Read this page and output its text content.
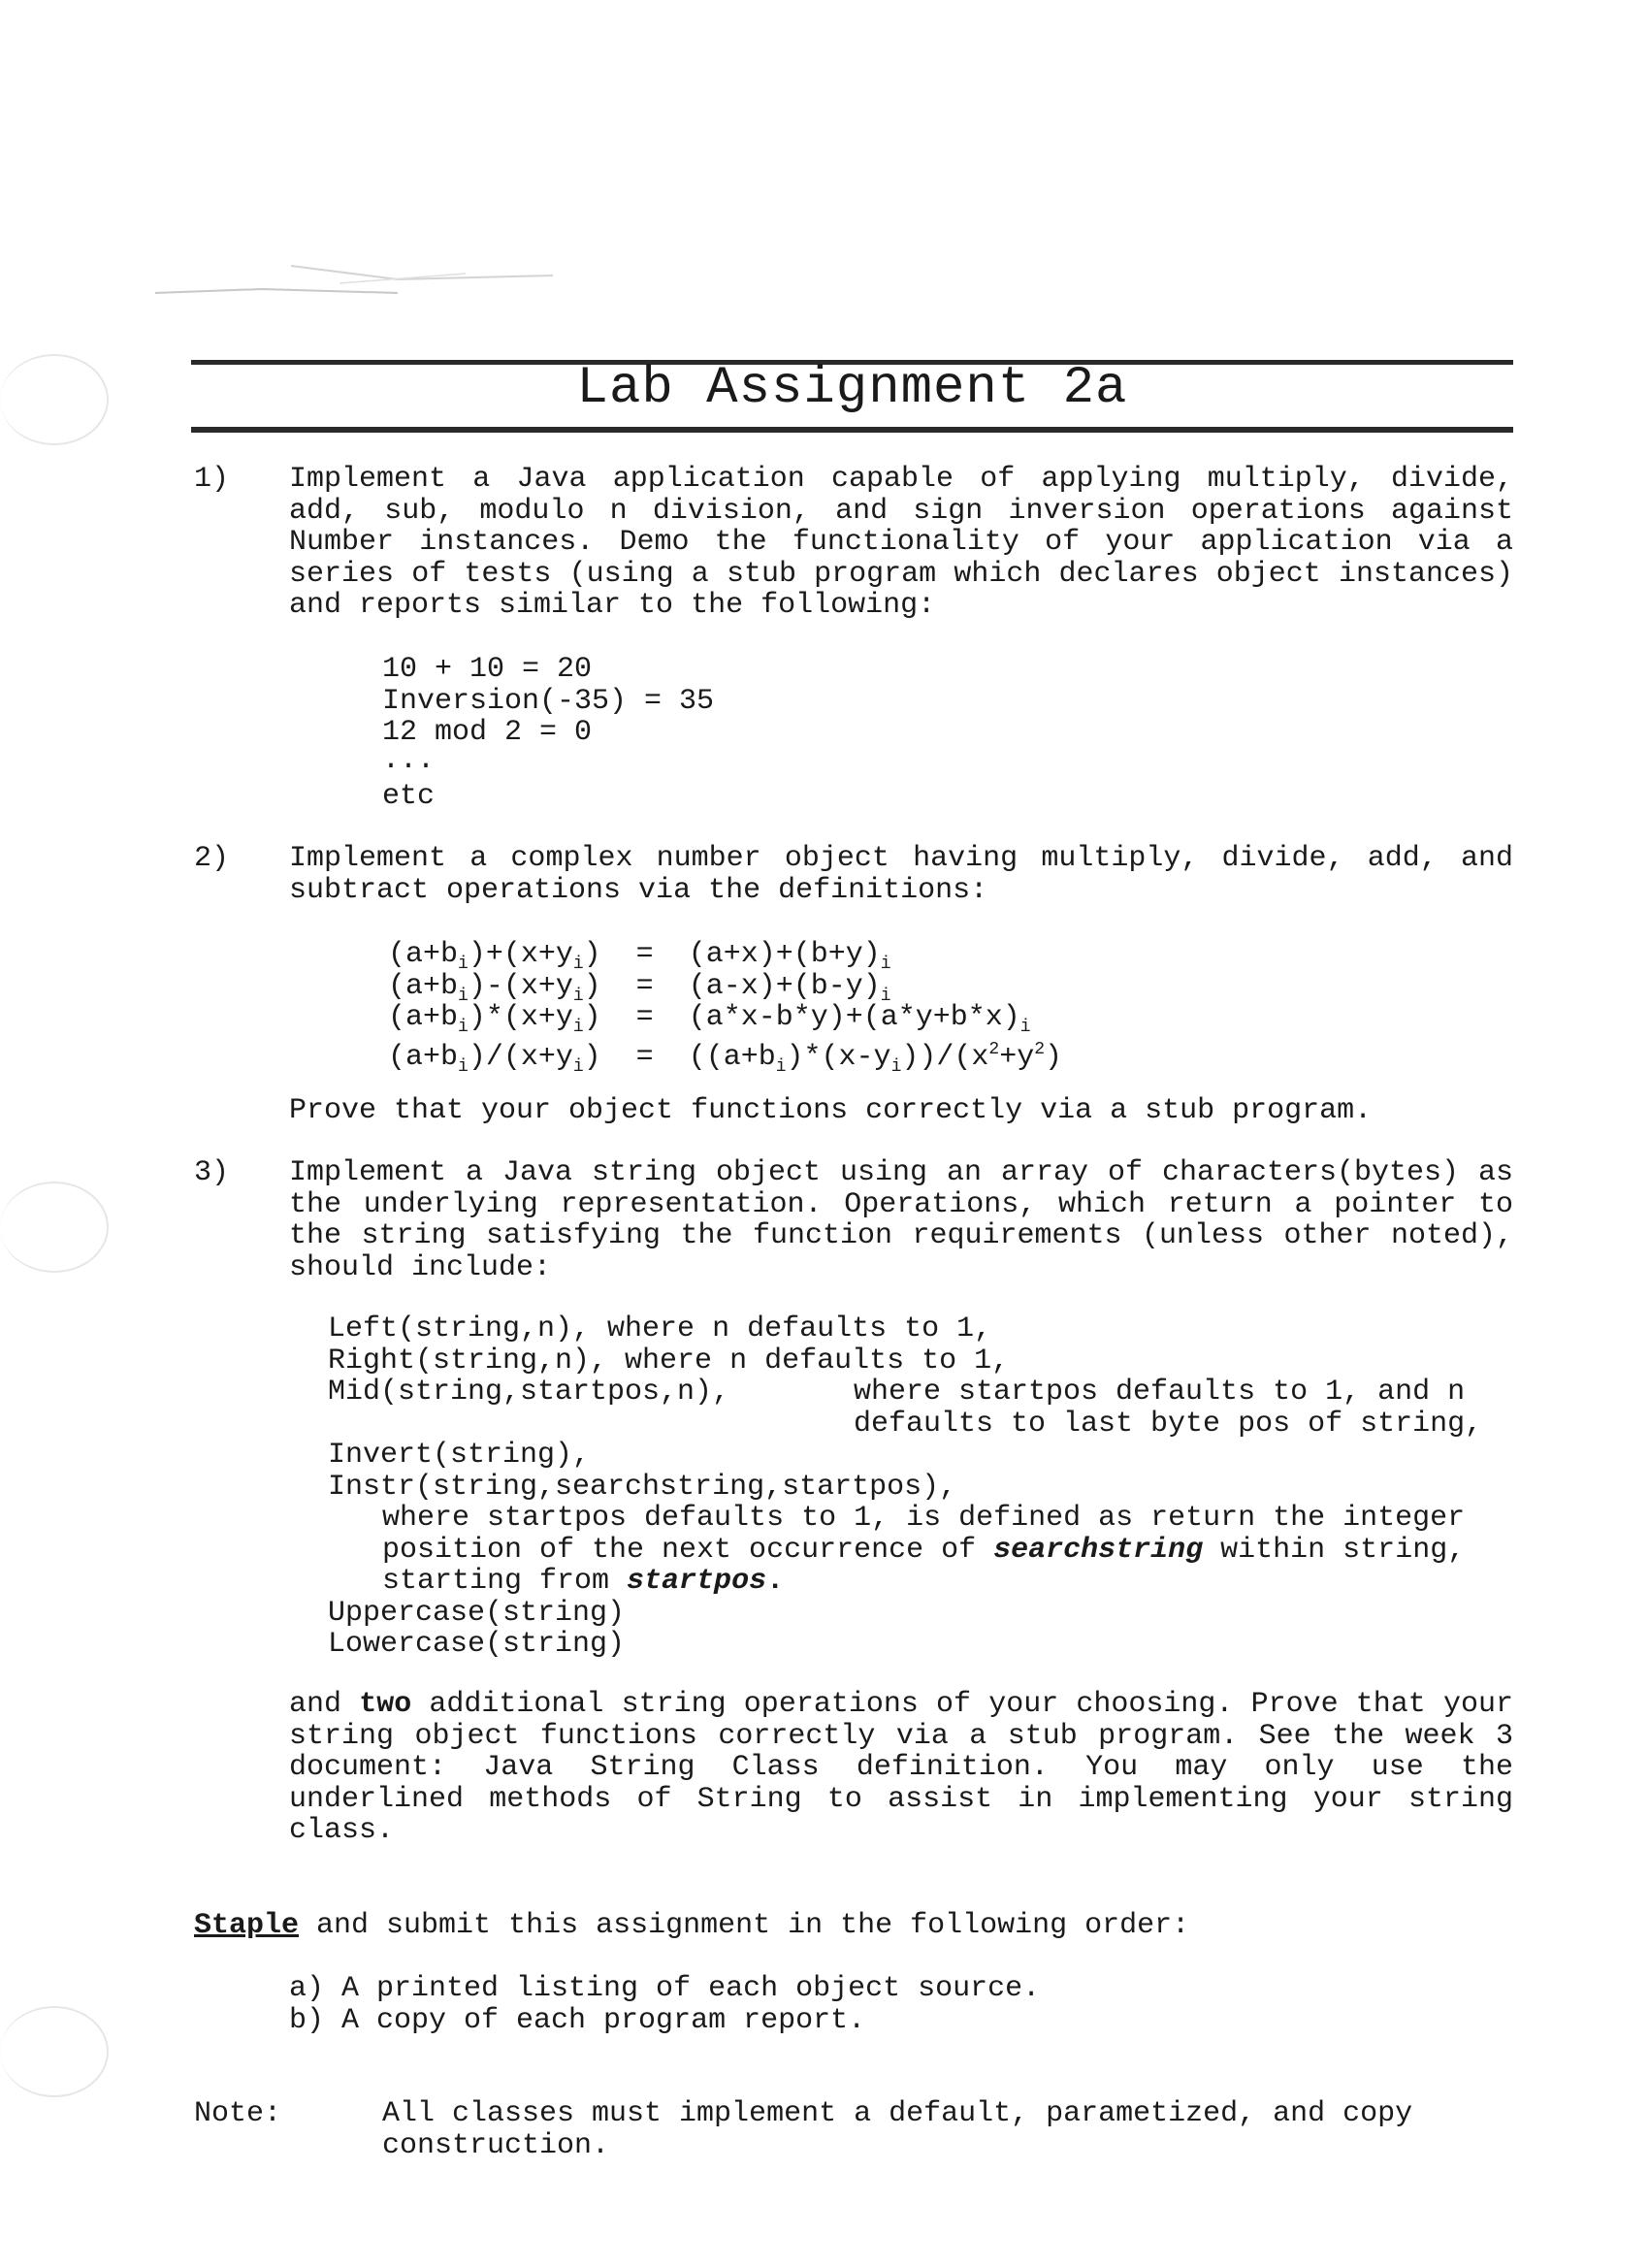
Lab Assignment 2a
1) Implement a Java application capable of applying multiply, divide, add, sub, modulo n division, and sign inversion operations against Number instances. Demo the functionality of your application via a series of tests (using a stub program which declares object instances) and reports similar to the following:

10 + 10 = 20
Inversion(-35) = 35
12 mod 2 = 0
...
etc
2) Implement a complex number object having multiply, divide, add, and subtract operations via the definitions:

$(a+b_i)+(x+y_i) = (a+x)+(b+y)_i$
$(a+b_i)-(x+y_i) = (a-x)+(b-y)_i$
$(a+b_i)*(x+y_i) = (a*x-b*y)+(a*y+b*x)_i$
$(a+b_i)/(x+y_i) = ((a+b_i)*(x-y_i))/(x^2+y^2)$
Prove that your object functions correctly via a stub program.
3) Implement a Java string object using an array of characters(bytes) as the underlying representation. Operations, which return a pointer to the string satisfying the function requirements (unless other noted), should include:

Left(string,n), where n defaults to 1,
Right(string,n), where n defaults to 1,
Mid(string,startpos,n),	where startpos defaults to 1, and n
defaults to last byte pos of string,
Invert(string),
Instr(string,searchstring,startpos),
where startpos defaults to 1, is defined as return the integer
position of the next occurrence of searchstring within string,
starting from startpos.
Uppercase(string)
Lowercase(string)

and two additional string operations of your choosing. Prove that your string object functions correctly via a stub program. See the week 3 document: Java String Class definition. You may only use the underlined methods of String to assist in implementing your string class.

Staple and submit this assignment in the following order:
a) A printed listing of each object source.
b) A copy of each program report.
Note:	All classes must implement a default, parametized, and copy
construction.
